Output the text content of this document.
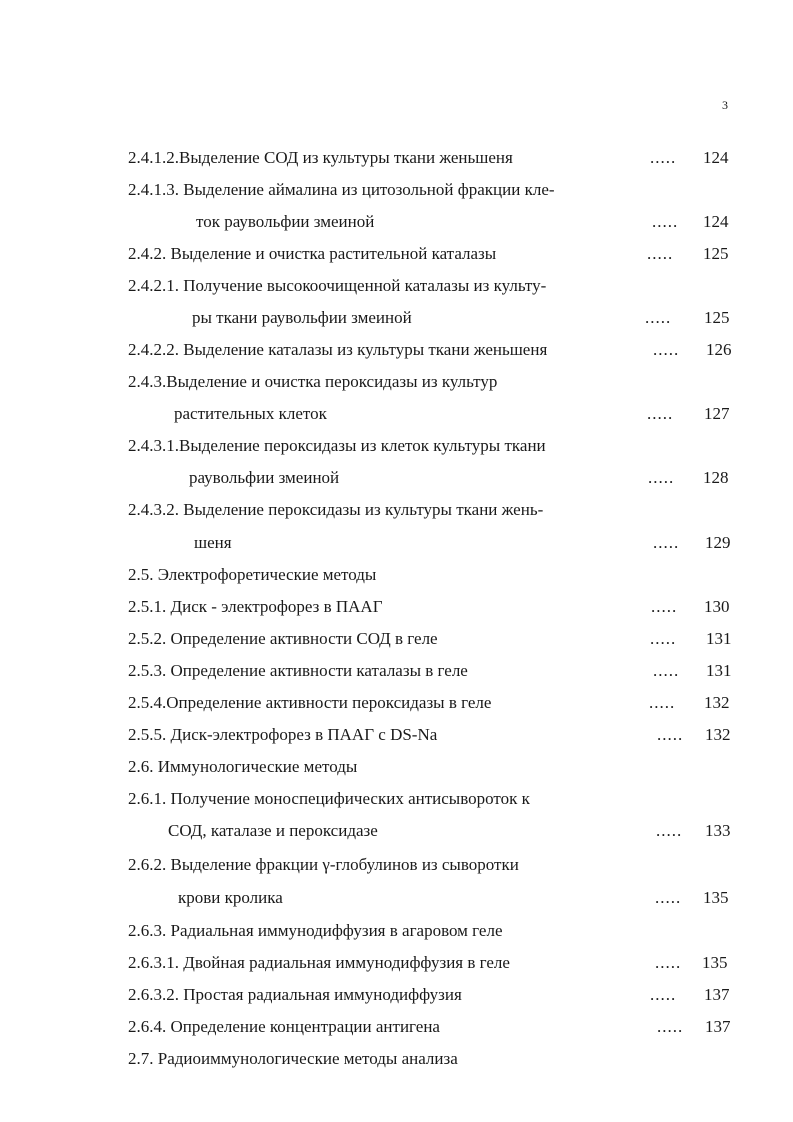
3
2.4.1.2.Выделение СОД из культуры ткани женьшеня	..... 124
2.4.1.3. Выделение аймалина из цитозольной фракции кле-
ток раувольфии змеиной	..... 124
2.4.2. Выделение и очистка растительной каталазы	..... 125
2.4.2.1. Получение высокоочищенной каталазы из культу-
ры ткани раувольфии змеиной	..... 125
2.4.2.2. Выделение каталазы из культуры ткани женьшеня	..... 126
2.4.3.Выделение и очистка пероксидазы из культур
растительных клеток	..... 127
2.4.3.1.Выделение пероксидазы из клеток культуры ткани
раувольфии змеиной	..... 128
2.4.3.2. Выделение пероксидазы из культуры ткани жень-
шеня	..... 129
2.5. Электрофоретические методы
2.5.1. Диск - электрофорез в ПААГ	..... 130
2.5.2. Определение активности СОД в геле	..... 131
2.5.3. Определение активности каталазы в геле	..... 131
2.5.4.Определение активности пероксидазы в геле	..... 132
2.5.5. Диск-электрофорез в ПААГ с DS-Na	..... 132
2.6. Иммунологические методы
2.6.1. Получение моноспецифических антисывороток к
СОД, каталазе и пероксидазе	..... 133
2.6.2. Выделение фракции γ-глобулинов из сыворотки
крови кролика	..... 135
2.6.3. Радиальная иммунодиффузия в агаровом геле
2.6.3.1. Двойная радиальная иммунодиффузия в геле	..... 135
2.6.3.2. Простая радиальная иммунодиффузия	..... 137
2.6.4. Определение концентрации антигена	..... 137
2.7. Радиоиммунологические методы анализа
